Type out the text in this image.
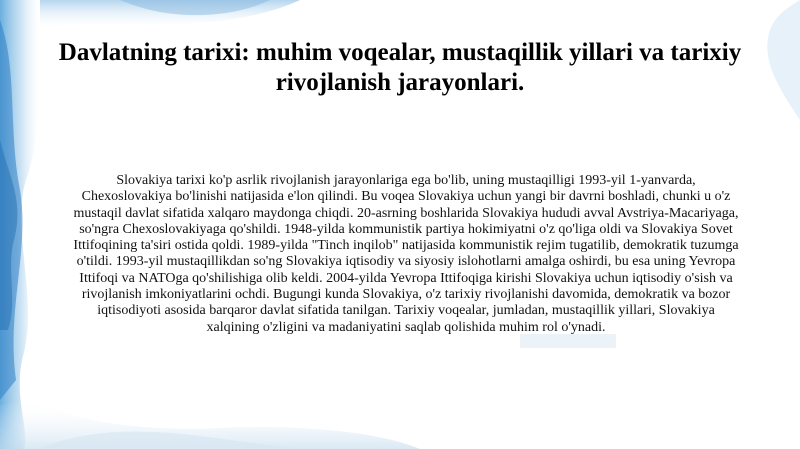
Davlatning tarixi: muhim voqealar, mustaqillik yillari va tarixiy rivojlanish jarayonlari.

Slovakiya tarixi ko'p asrlik rivojlanish jarayonlariga ega bo'lib, uning mustaqilligi 1993-yil 1-yanvarda, Chexoslovakiya bo'linishi natijasida e'lon qilindi. Bu voqea Slovakiya uchun yangi bir davrni boshladi, chunki u o'z mustaqil davlat sifatida xalqaro maydonga chiqdi. 20-asrning boshlarida Slovakiya hududi avval Avstriya-Macariyaga, so'ngra Chexoslovakiyaga qo'shildi. 1948-yilda kommunistik partiya hokimiyatni o'z qo'liga oldi va Slovakiya Sovet Ittifoqining ta'siri ostida qoldi. 1989-yilda "Tinch inqilob" natijasida kommunistik rejim tugatilib, demokratik tuzumga o'tildi. 1993-yil mustaqillikdan so'ng Slovakiya iqtisodiy va siyosiy islohotlarni amalga oshirdi, bu esa uning Yevropa Ittifoqi va NATOga qo'shilishiga olib keldi. 2004-yilda Yevropa Ittifoqiga kirishi Slovakiya uchun iqtisodiy o'sish va rivojlanish imkoniyatlarini ochdi. Bugungi kunda Slovakiya, o'z tarixiy rivojlanishi davomida, demokratik va bozor iqtisodiyoti asosida barqaror davlat sifatida tanilgan. Tarixiy voqealar, jumladan, mustaqillik yillari, Slovakiya xalqining o'zligini va madaniyatini saqlab qolishida muhim rol o'ynadi.
